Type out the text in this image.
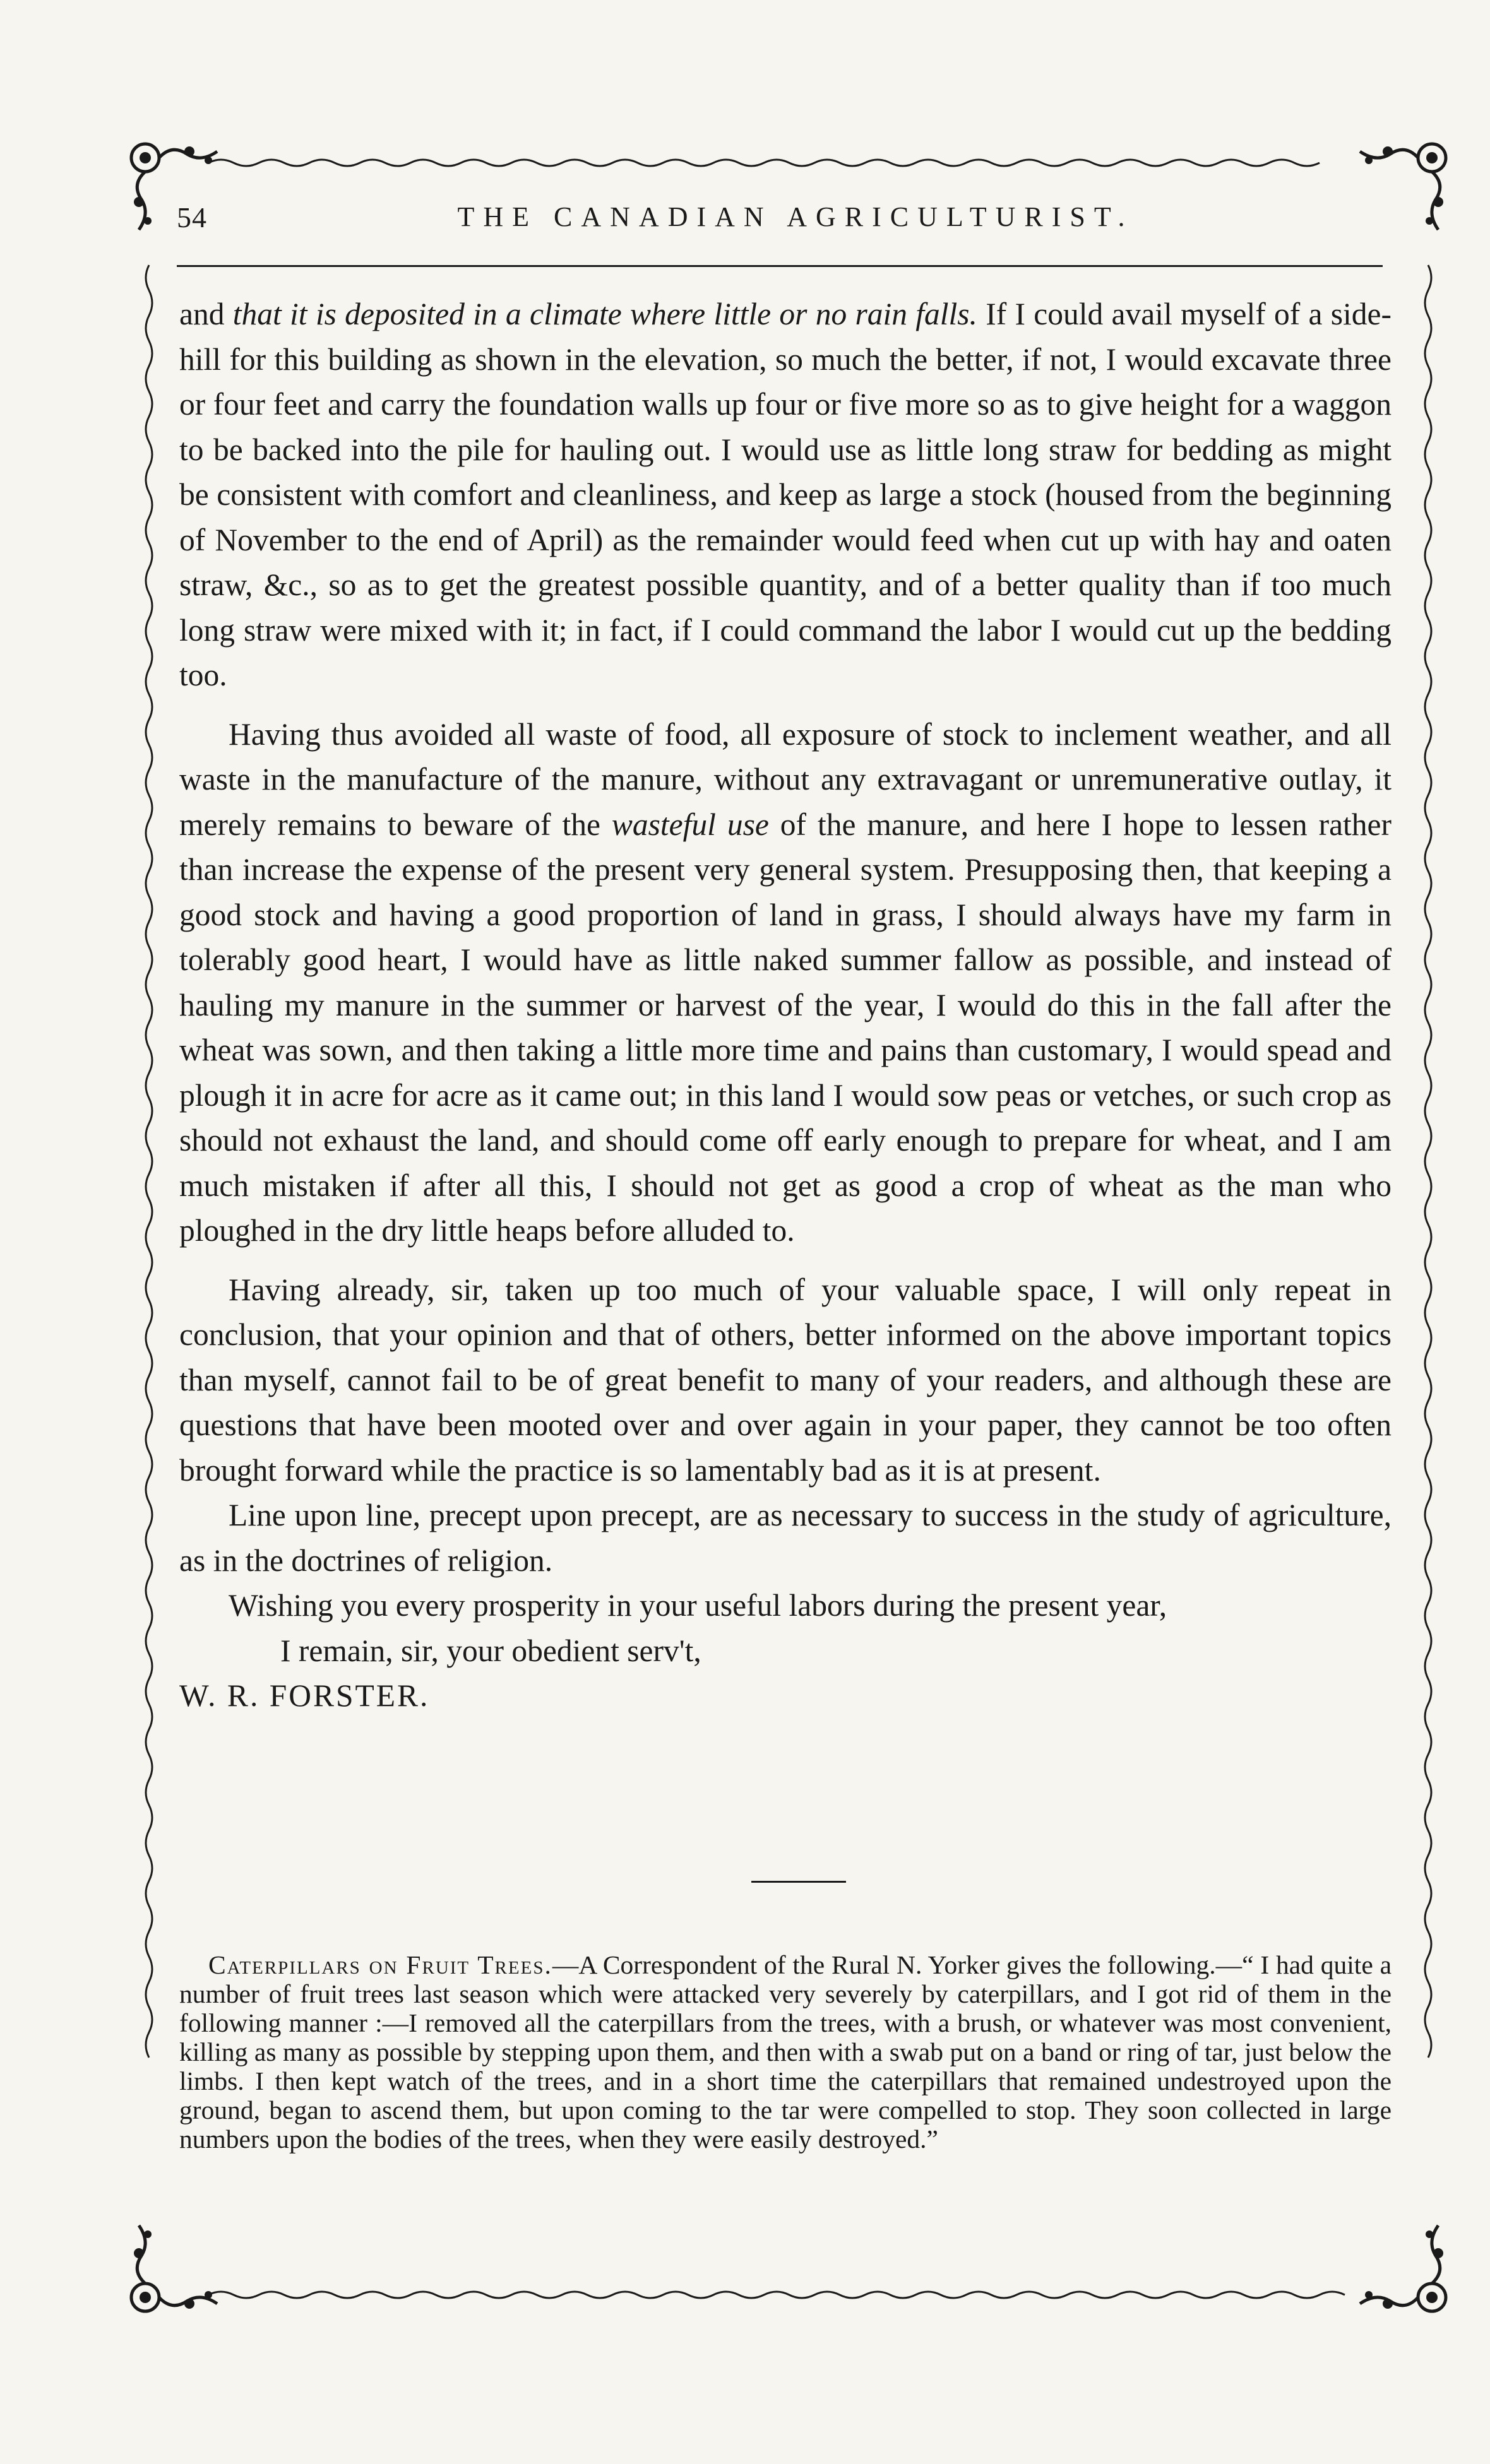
54	THE CANADIAN AGRICULTURIST.

and that it is deposited in a climate where little or no rain falls. If I could avail myself of a side-hill for this building as shown in the elevation, so much the better, if not, I would excavate three or four feet and carry the foundation walls up four or five more so as to give height for a waggon to be backed into the pile for hauling out. I would use as little long straw for bedding as might be consistent with comfort and cleanliness, and keep as large a stock (housed from the beginning of November to the end of April) as the remainder would feed when cut up with hay and oaten straw, &c., so as to get the greatest possible quantity, and of a better quality than if too much long straw were mixed with it; in fact, if I could command the labor I would cut up the bedding too.

Having thus avoided all waste of food, all exposure of stock to inclement weather, and all waste in the manufacture of the manure, without any extravagant or unremunerative outlay, it merely remains to beware of the wasteful use of the manure, and here I hope to lessen rather than increase the expense of the present very general system. Presupposing then, that keeping a good stock and having a good proportion of land in grass, I should always have my farm in tolerably good heart, I would have as little naked summer fallow as possible, and instead of hauling my manure in the summer or harvest of the year, I would do this in the fall after the wheat was sown, and then taking a little more time and pains than customary, I would spead and plough it in acre for acre as it came out; in this land I would sow peas or vetches, or such crop as should not exhaust the land, and should come off early enough to prepare for wheat, and I am much mistaken if after all this, I should not get as good a crop of wheat as the man who ploughed in the dry little heaps before alluded to.

Having already, sir, taken up too much of your valuable space, I will only repeat in conclusion, that your opinion and that of others, better informed on the above important topics than myself, cannot fail to be of great benefit to many of your readers, and although these are questions that have been mooted over and over again in your paper, they cannot be too often brought forward while the practice is so lamentably bad as it is at present.

Line upon line, precept upon precept, are as necessary to success in the study of agriculture, as in the doctrines of religion.

Wishing you every prosperity in your useful labors during the present year,

I remain, sir, your obedient serv't,

W. R. FORSTER.

Caterpillars on Fruit Trees.—A Correspondent of the Rural N. Yorker gives the following.—“ I had quite a number of fruit trees last season which were attacked very severely by caterpillars, and I got rid of them in the following manner :—I removed all the caterpillars from the trees, with a brush, or whatever was most convenient, killing as many as possible by stepping upon them, and then with a swab put on a band or ring of tar, just below the limbs. I then kept watch of the trees, and in a short time the caterpillars that remained undestroyed upon the ground, began to ascend them, but upon coming to the tar were compelled to stop. They soon collected in large numbers upon the bodies of the trees, when they were easily destroyed.”
